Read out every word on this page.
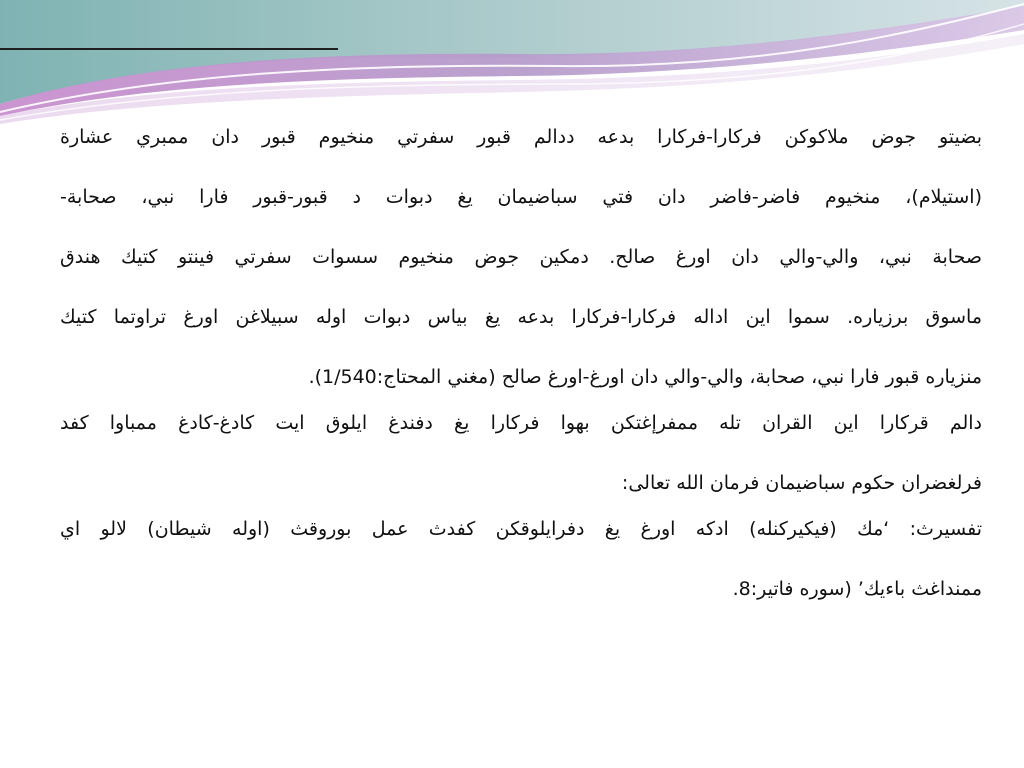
بضيتو جوض ملاكوكن فركارا-فركارا بدعه ددالم قبور سفرتي منخيوم قبور دان ممبري عشارة
(استيلام)، منخيوم فاضر-فاضر دان فتي سباضيمان يغ دبوات د قبور-قبور فارا نبي، صحابة-
صحابة نبي، والي-والي دان اورغ صالح. دمكين جوض منخيوم سسوات سفرتي فينتو كتيك هندق
ماسوق برزياره. سموا اين اداله فركارا-فركارا بدعه يغ بياس دبوات اوله سبيلاغن اورغ تراوتما كتيك
منزياره قبور فارا نبي، صحابة، والي-والي دان اورغ-اورغ صالح (مغني المحتاج:1/540).
دالم قركارا اين القران تله ممفرإغتكن بهوا فركارا يغ دفندغ ايلوق ايت كادغ-كادغ ممباوا كفد
فرلغضران حكوم سباضيمان فرمان الله تعالى:
تفسيرث: ‘مك (فيكيركنله) ادكه اورغ يغ دفرايلوقكن كفدث عمل بوروقث (اوله شيطان) لالو اي
ممنداغث باءيك’ (سوره فاتير:8.
